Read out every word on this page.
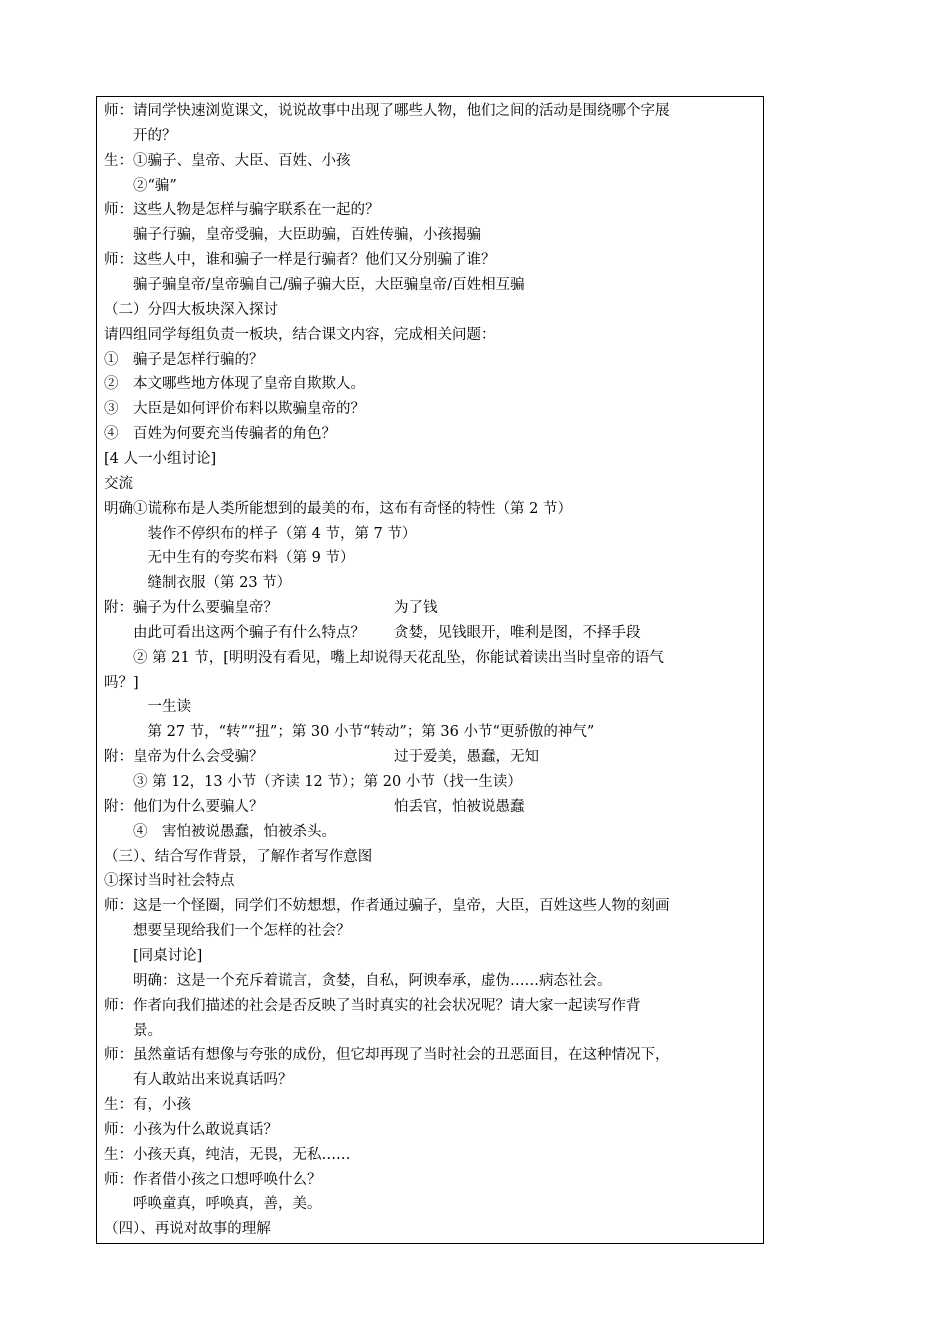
师：请同学快速浏览课文，说说故事中出现了哪些人物，他们之间的活动是围绕哪个字展
　　开的？
生：①骗子、皇帝、大臣、百姓、小孩
　　②“骗”
师：这些人物是怎样与骗字联系在一起的？
　　骗子行骗，皇帝受骗，大臣助骗，百姓传骗，小孩揭骗
师：这些人中，谁和骗子一样是行骗者？他们又分别骗了谁？
　　骗子骗皇帝/皇帝骗自己/骗子骗大臣，大臣骗皇帝/百姓相互骗
（二）分四大板块深入探讨
请四组同学每组负责一板块，结合课文内容，完成相关问题：
①　骗子是怎样行骗的？
②　本文哪些地方体现了皇帝自欺欺人。
③　大臣是如何评价布料以欺骗皇帝的？
④　百姓为何要充当传骗者的角色？
[4 人一小组讨论]
交流
明确①谎称布是人类所能想到的最美的布，这布有奇怪的特性（第 2 节）
　　　装作不停织布的样子（第 4 节，第 7 节）
　　　无中生有的夸奖布料（第 9 节）
　　　缝制衣服（第 23 节）
附：骗子为什么要骗皇帝？　　　　　　　　为了钱
　　由此可看出这两个骗子有什么特点？　　贪婪，见钱眼开，唯利是图，不择手段
　　② 第 21 节，[明明没有看见，嘴上却说得天花乱坠，你能试着读出当时皇帝的语气
吗？]
　　　一生读
　　　第 27 节，“转”“扭”；第 30 小节“转动”；第 36 小节“更骄傲的神气”
附：皇帝为什么会受骗？　　　　　　　　　过于爱美，愚蠢，无知
　　③ 第 12，13 小节（齐读 12 节）；第 20 小节（找一生读）
附：他们为什么要骗人？　　　　　　　　　怕丢官，怕被说愚蠢
　　④　害怕被说愚蠢，怕被杀头。
（三）、结合写作背景，了解作者写作意图
①探讨当时社会特点
师：这是一个怪圈，同学们不妨想想，作者通过骗子，皇帝，大臣，百姓这些人物的刻画
　　想要呈现给我们一个怎样的社会？
　　[同桌讨论]
　　明确：这是一个充斥着谎言，贪婪，自私，阿谀奉承，虚伪……病态社会。
师：作者向我们描述的社会是否反映了当时真实的社会状况呢？请大家一起读写作背
　　景。
师：虽然童话有想像与夸张的成份，但它却再现了当时社会的丑恶面目，在这种情况下，
　　有人敢站出来说真话吗？
生：有，小孩
师：小孩为什么敢说真话？
生：小孩天真，纯洁，无畏，无私……
师：作者借小孩之口想呼唤什么？
　　呼唤童真，呼唤真，善，美。
（四）、再说对故事的理解
